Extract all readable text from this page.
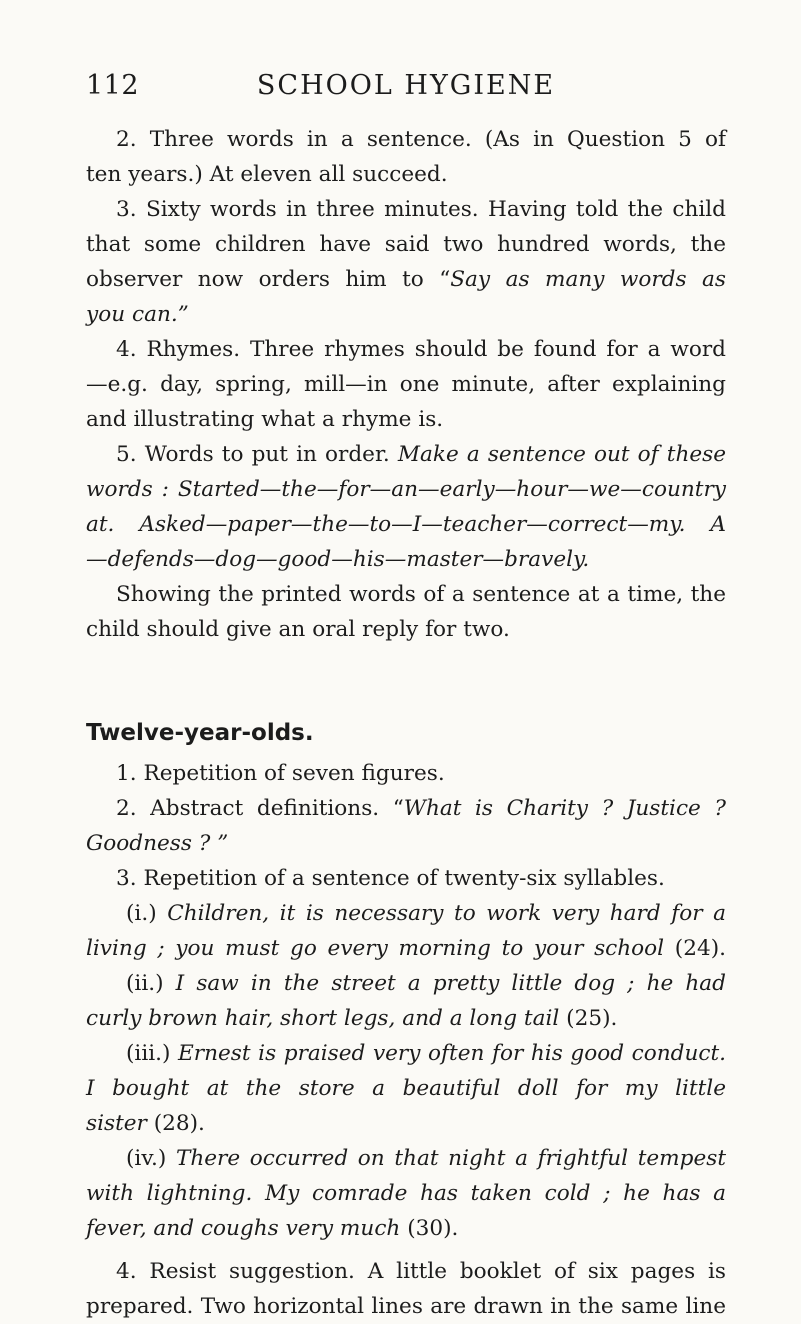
112	SCHOOL HYGIENE
2. Three words in a sentence. (As in Question 5 of
ten years.) At eleven all succeed.
3. Sixty words in three minutes. Having told the child
that some children have said two hundred words, the
observer now orders him to “Say as many words as
you can.”
4. Rhymes. Three rhymes should be found for a word
—e.g. day, spring, mill—in one minute, after explaining
and illustrating what a rhyme is.
5. Words to put in order. Make a sentence out of these
words : Started—the—for—an—early—hour—we—country
at. Asked—paper—the—to—I—teacher—correct—my. A
—defends—dog—good—his—master—bravely.
Showing the printed words of a sentence at a time, the
child should give an oral reply for two.
Twelve-year-olds.
1. Repetition of seven figures.
2. Abstract definitions. “What is Charity ? Justice ?
Goodness ? ”
3. Repetition of a sentence of twenty-six syllables.
(i.) Children, it is necessary to work very hard for a
living ; you must go every morning to your school (24).
(ii.) I saw in the street a pretty little dog ; he had
curly brown hair, short legs, and a long tail (25).
(iii.) Ernest is praised very often for his good conduct.
I bought at the store a beautiful doll for my little
sister (28).
(iv.) There occurred on that night a frightful tempest
with lightning. My comrade has taken cold ; he has a
fever, and coughs very much (30).
4. Resist suggestion. A little booklet of six pages is
prepared. Two horizontal lines are drawn in the same line
